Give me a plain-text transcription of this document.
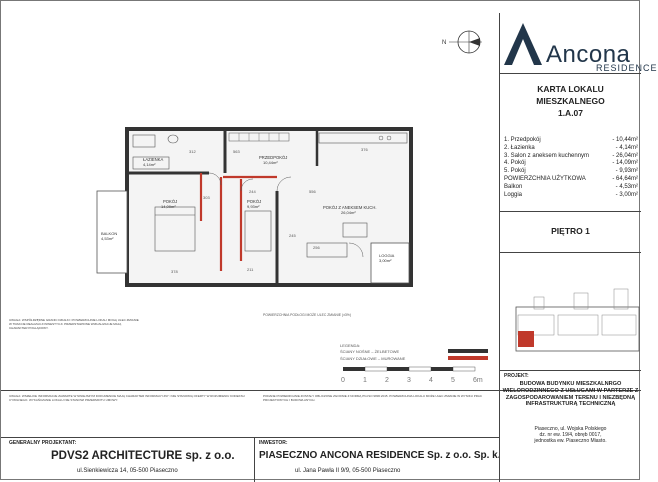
N
ŁAZIENKA
4,14m²
PRZEDPOKÓJ
10,44m²
POKÓJ
14,09m²
POKÓJ
9,93m²	POKÓJ Z ANEKSEM KUCH.
26,04m²
BALKON
4,53m²
LOGGIA
3,00m²
312	563
378
244	556
376
256
303
245
211
UWAGA: WSPÓŁRZĘDNE GRANIC DZIAŁKI I POWIERZCHNIE LOKALI MOGĄ ULEC ZMIANIE W TRAKCIE REALIZACJI INWESTYCJI. PRZEDSTAWIONE WIZUALIZACJE MAJĄ CHARAKTER POGLĄDOWY.
LEGENDA:
ŚCIANY NOŚNE – ŻELBETOWE
ŚCIANY DZIAŁOWE – MUROWANE
POWIERZCHNIA PODŁOGI MOŻE ULEC ZMIANIE (±3%)
0	1	2	3	4	5	6m
Ancona
RESIDENCE
KARTA LOKALU
MIESZKALNEGO
1.A.07
1. Przedpokój	- 10,44m²
2. Łazienka	- 4,14m²
3. Salon z aneksem kuchennym	- 26,04m²
4. Pokój	- 14,09m²
5. Pokój	- 9,93m²
POWIERZCHNIA UŻYTKOWA	- 64,64m²
Balkon	- 4,53m²
Loggia	- 3,00m²
PIĘTRO 1
UWAGA: WSZELKIE INFORMACJE ZAWARTE W NINIEJSZYM DOKUMENCIE MAJĄ CHARAKTER INFORMACYJNY I NIE STANOWIĄ OFERTY W ROZUMIENIU KODEKSU CYWILNEGO. WYKAŃCZANIE LOKALU NIE STANOWI PRZEDMIOTU UMOWY.
PODANE POWIERZCHNIE ZOSTAŁY OBLICZONE ZGODNIE Z NORMĄ PN-ISO 9836:2015. POWIERZCHNIA LOKALU MOŻE ULEC ZMIANIE W WYNIKU PRAC PROJEKTOWYCH I BUDOWLANYCH.
GENERALNY PROJEKTANT:
PDVS2 ARCHITECTURE sp. z o.o.
ul.Sienkiewicza 14, 05-500 Piaseczno
INWESTOR:
PIASECZNO ANCONA RESIDENCE Sp. z o.o. Sp. k.
ul. Jana Pawła II 9/9, 05-500 Piaseczno
PROJEKT:
BUDOWA BUDYNKU MIESZKALNRGO WIELORODZINNEGO Z USŁUGAMI W PARTERZE Z ZAGOSPODAROWANIEM TERENU I NIEZBĘDNĄ INFRASTRUKTURĄ TECHNICZNĄ
Piaseczno, ul. Wojska Polskiego
dz. nr ew. 19/4, obręb 0017,
jednostka ew. Piaseczno Miasto.
